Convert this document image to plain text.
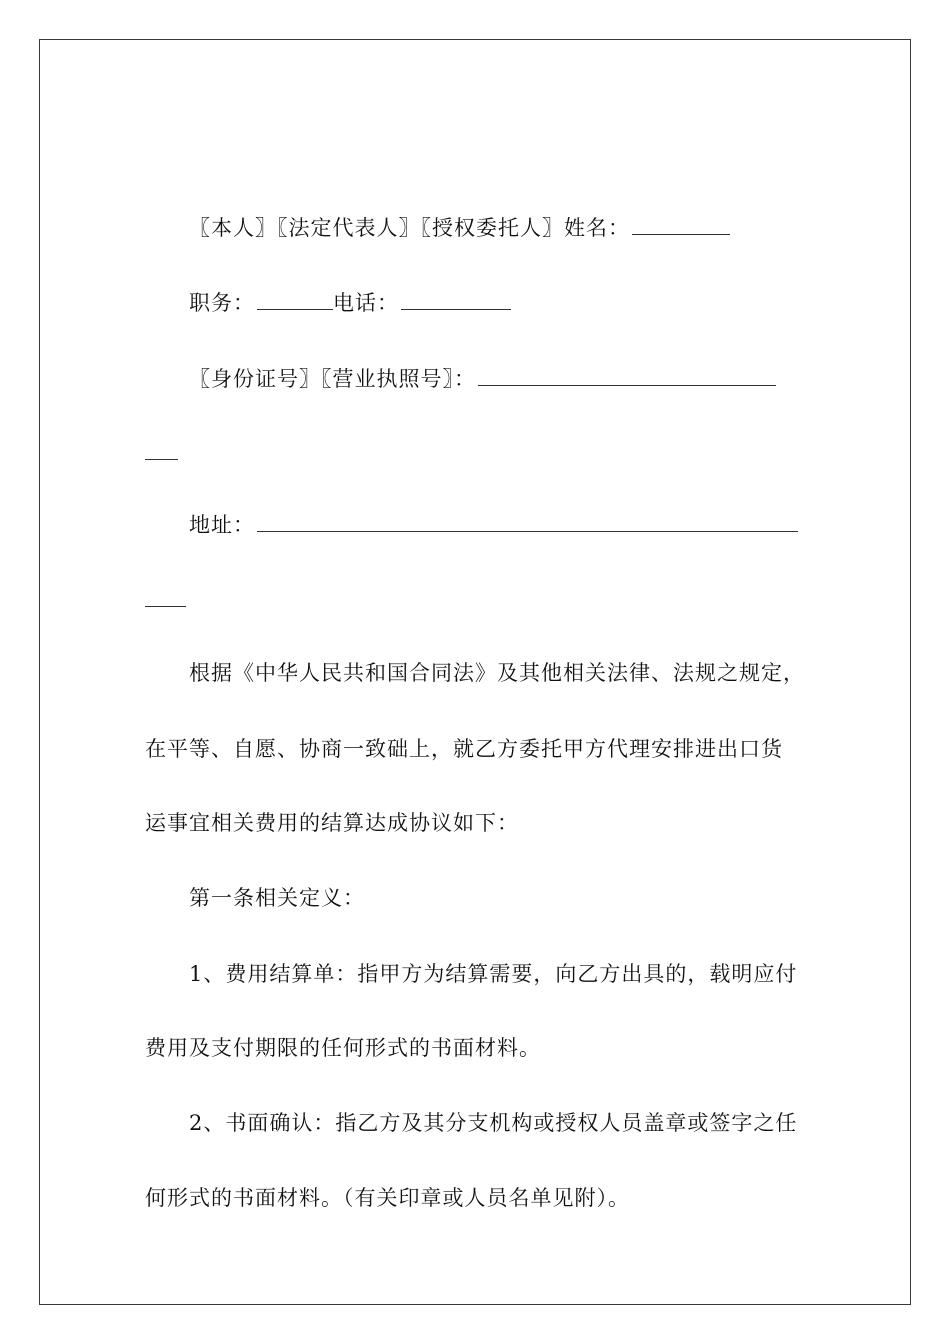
〖本人〗〖法定代表人〗〖授权委托人〗姓名：
职务：	电话：
〖身份证号〗〖营业执照号〗：
地址：
根据《中华人民共和国合同法》及其他相关法律、法规之规定，
在平等、自愿、协商一致础上，就乙方委托甲方代理安排进出口货
运事宜相关费用的结算达成协议如下：
第一条相关定义：
1、费用结算单：指甲方为结算需要，向乙方出具的，载明应付
费用及支付期限的任何形式的书面材料。
2、书面确认：指乙方及其分支机构或授权人员盖章或签字之任
何形式的书面材料。（有关印章或人员名单见附）。
